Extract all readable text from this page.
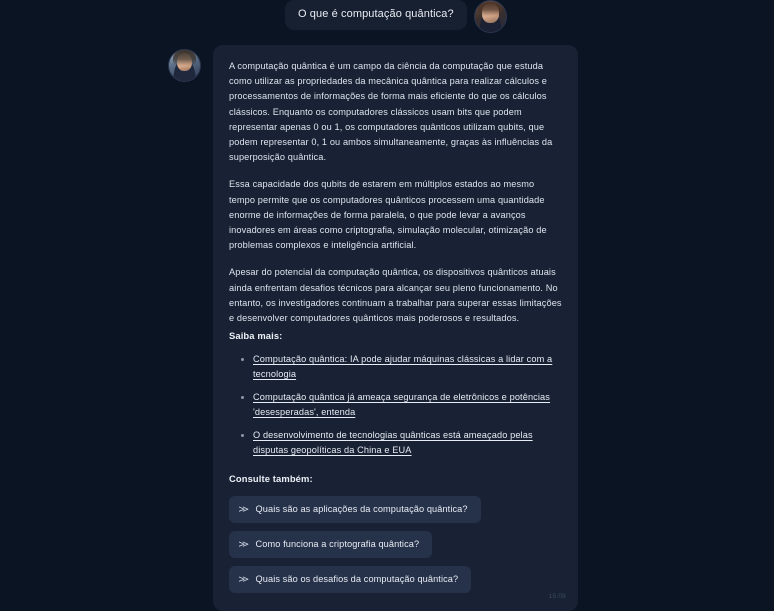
O que é computação quântica?

A computação quântica é um campo da ciência da computação que estuda como utilizar as propriedades da mecânica quântica para realizar cálculos e processamentos de informações de forma mais eficiente do que os cálculos clássicos. Enquanto os computadores clássicos usam bits que podem representar apenas 0 ou 1, os computadores quânticos utilizam qubits, que podem representar 0, 1 ou ambos simultaneamente, graças às influências da superposição quântica.

Essa capacidade dos qubits de estarem em múltiplos estados ao mesmo tempo permite que os computadores quânticos processem uma quantidade enorme de informações de forma paralela, o que pode levar a avanços inovadores em áreas como criptografia, simulação molecular, otimização de problemas complexos e inteligência artificial.

Apesar do potencial da computação quântica, os dispositivos quânticos atuais ainda enfrentam desafios técnicos para alcançar seu pleno funcionamento. No entanto, os investigadores continuam a trabalhar para superar essas limitações e desenvolver computadores quânticos mais poderosos e resultados.

Saiba mais:
• Computação quântica: IA pode ajudar máquinas clássicas a lidar com a tecnologia
• Computação quântica já ameaça segurança de eletrônicos e potências 'desesperadas', entenda
• O desenvolvimento de tecnologias quânticas está ameaçado pelas disputas geopolíticas da China e EUA
Consulte também:
≫ Quais são as aplicações da computação quântica?
≫ Como funciona a criptografia quântica?
≫ Quais são os desafios da computação quântica?
15:08
